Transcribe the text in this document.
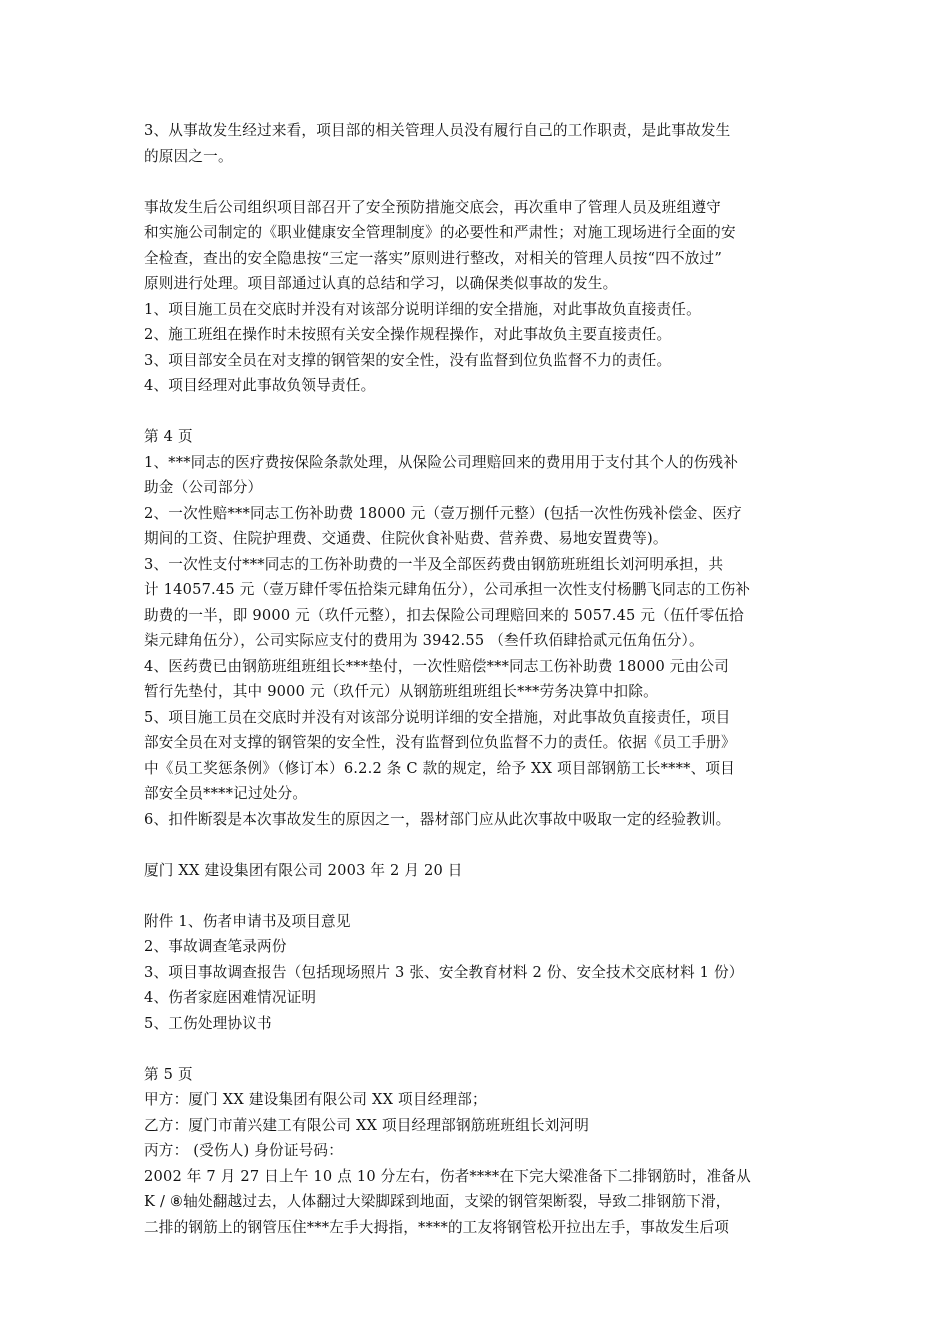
3、从事故发生经过来看，项目部的相关管理人员没有履行自己的工作职责，是此事故发生
的原因之一。
事故发生后公司组织项目部召开了安全预防措施交底会，再次重申了管理人员及班组遵守
和实施公司制定的《职业健康安全管理制度》的必要性和严肃性；对施工现场进行全面的安
全检查，查出的安全隐患按“三定一落实”原则进行整改，对相关的管理人员按“四不放过”
原则进行处理。项目部通过认真的总结和学习，以确保类似事故的发生。
1、项目施工员在交底时并没有对该部分说明详细的安全措施，对此事故负直接责任。
2、施工班组在操作时未按照有关安全操作规程操作，对此事故负主要直接责任。
3、项目部安全员在对支撑的钢管架的安全性，没有监督到位负监督不力的责任。
4、项目经理对此事故负领导责任。
第 4 页
1、***同志的医疗费按保险条款处理，从保险公司理赔回来的费用用于支付其个人的伤残补
助金（公司部分）
2、一次性赔***同志工伤补助费 18000 元（壹万捌仟元整）(包括一次性伤残补偿金、医疗
期间的工资、住院护理费、交通费、住院伙食补贴费、营养费、易地安置费等)。
3、一次性支付***同志的工伤补助费的一半及全部医药费由钢筋班班组长刘河明承担，共
计 14057.45 元（壹万肆仟零伍拾柒元肆角伍分），公司承担一次性支付杨鹏飞同志的工伤补
助费的一半，即 9000 元（玖仟元整），扣去保险公司理赔回来的 5057.45 元（伍仟零伍拾
柒元肆角伍分），公司实际应支付的费用为 3942.55 （叁仟玖佰肆拾贰元伍角伍分）。
4、医药费已由钢筋班组班组长***垫付，一次性赔偿***同志工伤补助费 18000 元由公司
暂行先垫付，其中 9000 元（玖仟元）从钢筋班组班组长***劳务决算中扣除。
5、项目施工员在交底时并没有对该部分说明详细的安全措施，对此事故负直接责任，项目
部安全员在对支撑的钢管架的安全性，没有监督到位负监督不力的责任。依据《员工手册》
中《员工奖惩条例》（修订本）6.2.2 条 C 款的规定，给予 XX 项目部钢筋工长****、项目
部安全员****记过处分。
6、扣件断裂是本次事故发生的原因之一，器材部门应从此次事故中吸取一定的经验教训。
厦门 XX 建设集团有限公司 2003 年 2 月 20 日
附件 1、伤者申请书及项目意见
2、事故调查笔录两份
3、项目事故调查报告（包括现场照片 3 张、安全教育材料 2 份、安全技术交底材料 1 份）
4、伤者家庭困难情况证明
5、工伤处理协议书
第 5 页
甲方：厦门 XX 建设集团有限公司 XX 项目经理部；
乙方：厦门市莆兴建工有限公司 XX 项目经理部钢筋班班组长刘河明
丙方： (受伤人) 身份证号码：
2002 年 7 月 27 日上午 10 点 10 分左右，伤者****在下完大梁准备下二排钢筋时，准备从
K / ⑧轴处翻越过去，人体翻过大梁脚踩到地面，支梁的钢管架断裂，导致二排钢筋下滑，
二排的钢筋上的钢管压住***左手大拇指，****的工友将钢管松开拉出左手，事故发生后项
